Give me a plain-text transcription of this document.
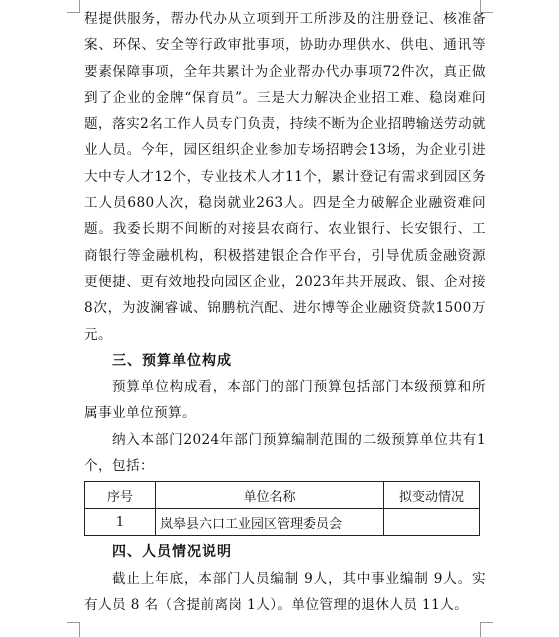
程提供服务，帮办代办从立项到开工所涉及的注册登记、核准备案、环保、安全等行政审批事项，协助办理供水、供电、通讯等要素保障事项，全年共累计为企业帮办代办事项72件次，真正做到了企业的金牌“保育员”。三是大力解决企业招工难、稳岗难问题，落实2名工作人员专门负责，持续不断为企业招聘输送劳动就业人员。今年，园区组织企业参加专场招聘会13场，为企业引进大中专人才12个，专业技术人才11个，累计登记有需求到园区务工人员680人次，稳岗就业263人。四是全力破解企业融资难问题。我委长期不间断的对接县农商行、农业银行、长安银行、工商银行等金融机构，积极搭建银企合作平台，引导优质金融资源更便捷、更有效地投向园区企业，2023年共开展政、银、企对接8次，为波澜睿诚、锦鹏杭汽配、进尔博等企业融资贷款1500万元。

三、预算单位构成

预算单位构成看，本部门的部门预算包括部门本级预算和所属事业单位预算。

纳入本部门2024年部门预算编制范围的二级预算单位共有1个，包括：

序号	单位名称	拟变动情况
1	岚皋县六口工业园区管理委员会	

四、人员情况说明

截止上年底，本部门人员编制 9人，其中事业编制 9人。实有人员 8 名（含提前离岗 1人）。单位管理的退休人员 11人。
